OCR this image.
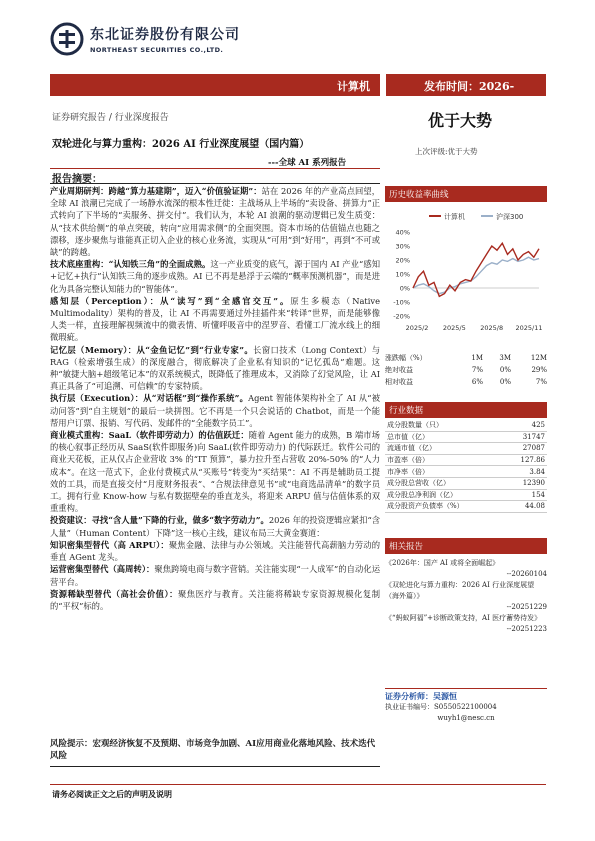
东北证券股份有限公司
NORTHEAST SECURITIES CO.,LTD.
计算机	发布时间：2026-
证券研究报告 / 行业深度报告	优于大势
双轮进化与算力重构：2026 AI 行业深度展望（国内篇）
上次评级:优于大势
---全球 AI 系列报告
报告摘要：

产业周期研判：跨越“算力基建期”，迈入“价值验证期”：站在 2026 年的产业高点回望，全球 AI 浪潮已完成了一场静水流深的根本性迁徙：主战场从上半场的“卖设备、拼算力”正式转向了下半场的“卖服务、拼交付”。我们认为，本轮 AI 浪潮的驱动逻辑已发生质变：从“技术供给侧”的单点突破，转向“应用需求侧”的全面突围。资本市场的估值锚点也随之漂移，逐步聚焦与谁能真正切入企业的核心业务流，实现从“可用”到“好用”，再到“不可或缺”的跨越。

技术底座重构：“认知铁三角”的全面成熟。这一产业质变的底气，源于国内 AI 产业“感知+记忆+执行”认知铁三角的逐步成熟。AI 已不再是悬浮于云端的“概率预测机器”，而是进化为具备完整认知能力的“智能体”。

感知层（Perception）：从“读写”到“全感官交互”。原生多模态（Native Multimodality）架构的普及，让 AI 不再需要通过外挂插件来“转译”世界，而是能够像人类一样，直接理解视频流中的微表情、听懂呼吸音中的涅罗音、看懂工厂流水线上的细微瑕疵。

记忆层（Memory）：从“金鱼记忆”到“行业专家”。长窗口技术（Long Context）与 RAG（检索增强生成）的深度融合，彻底解决了企业私有知识的“记忆孤岛”难题。这种“敏捷大脑+超级笔记本”的双系统模式，既降低了推理成本，又消除了幻觉风险，让 AI 真正具备了“可追溯、可信赖”的专家特质。

执行层（Execution）：从“对话框”到“操作系统”。Agent 智能体架构补全了 AI 从“被动问答”到“自主规划”的最后一块拼图。它不再是一个只会说话的 Chatbot，而是一个能帮用户订票、报销、写代码、发邮件的“全能数字员工”。

商业模式重构：SaaL（软件即劳动力）的估值跃迁：随着 Agent 能力的成熟，B 端市场的核心叙事正经历从 SaaS(软件即服务)向 SaaL(软件即劳动力) 的代际跃迁。软件公司的商业天花板，正从仅占企业营收 3% 的“IT 预算”，暴力拉升至占营收 20%-50% 的“人力成本”。在这一范式下，企业付费模式从“买账号”转变为“买结果”：AI 不再是辅助员工提效的工具，而是直接交付“月度财务报表”、“合规法律意见书”或“电商选品清单”的数字员工。拥有行业 Know-how 与私有数据壁垒的垂直龙头，将迎来 ARPU 值与估值体系的双重重构。

投资建议：寻找“含人量”下降的行业，做多“数字劳动力”。2026 年的投资逻辑应紧扣“含人量”（Human Content）下降”这一核心主线，建议布局三大黄金赛道：

知识密集型替代（高 ARPU）：聚焦金融、法律与办公领域。关注能替代高薪脑力劳动的垂直 AGent 龙头。

运营密集型替代（高周转）：聚焦跨境电商与数字营销。关注能实现“一人成军”的自动化运营平台。

资源稀缺型替代（高社会价值）：聚焦医疗与教育。关注能将稀缺专家资源规模化复制的“平权”标的。

风险提示：宏观经济恢复不及预期、市场竞争加剧、AI应用商业化落地风险、技术迭代风险
请务必阅读正文之后的声明及说明
历史收益率曲线
计算机	沪深300
40%
30%
20%
10%
0%
-10%
-20%
2025/2 2025/5 2025/8 2025/11
涨跌幅（%）	1M	3M	12M
绝对收益	7%	0%	29%
相对收益	6%	0%	7%
行业数据
成分股数量（只）	425
总市值（亿）	31747
流通市值（亿）	27087
市盈率（倍）	127.86
市净率（倍）	3.84
成分股总营收（亿）	12390
成分股总净利润（亿）	154
成分股资产负债率（%）	44.08
相关报告
《2026年：国产 AI 或将全面崛起》
--20260104
《双轮进化与算力重构：2026 AI 行业深度展望（海外篇）》
--20251229
《“蚂蚁阿福”+诊断政策支持，AI 医疗蓄势待发》
--20251223
证券分析师：吴源恒
执业证书编号：S0550522100004
wuyh1@nesc.cn
